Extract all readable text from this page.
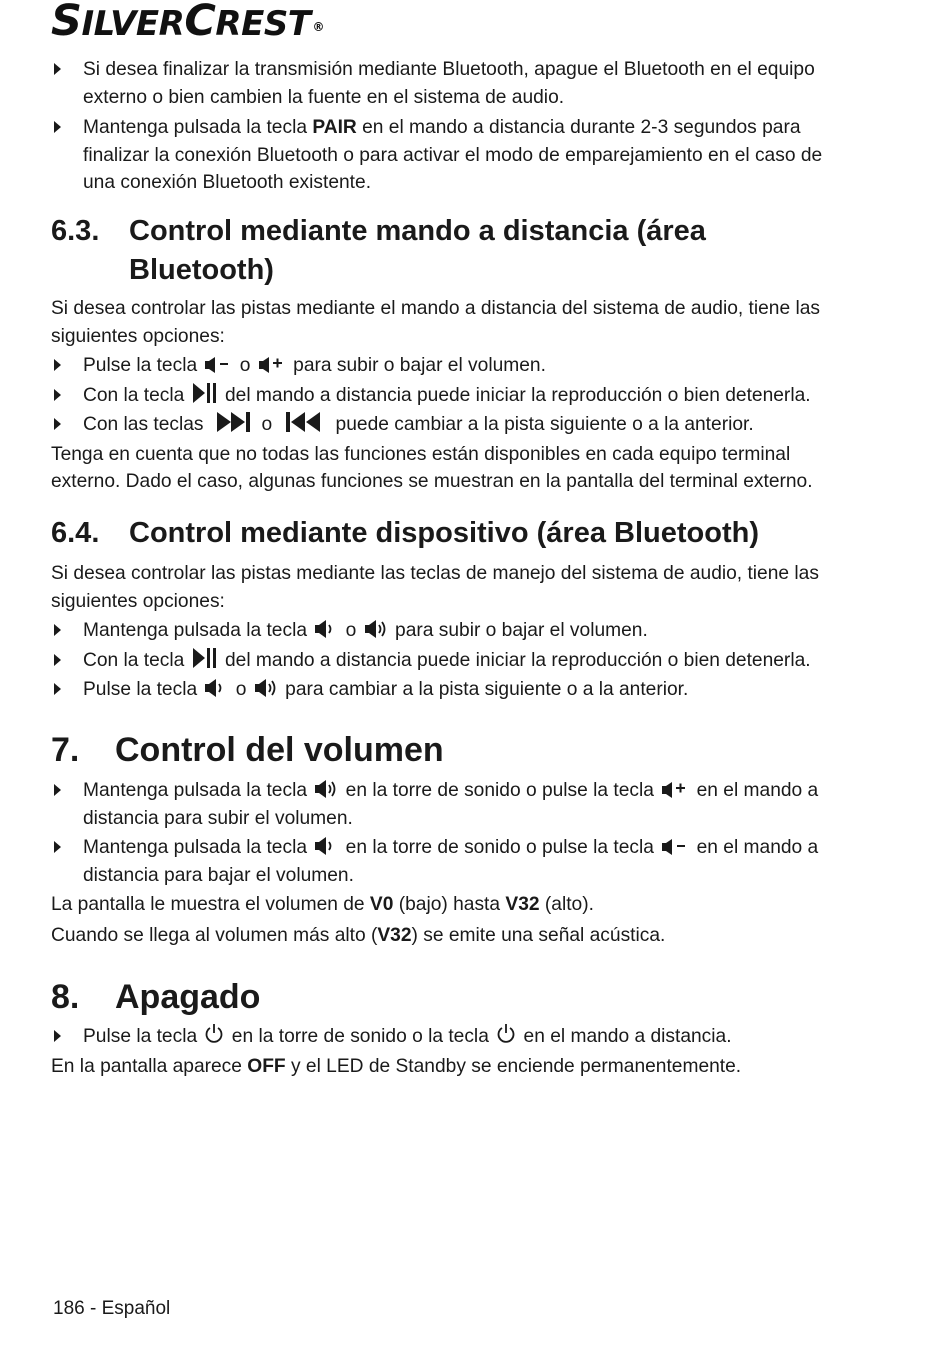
SILVERCREST ®
Si desea finalizar la transmisión mediante Bluetooth, apague el Bluetooth en el equipo externo o bien cambien la fuente en el sistema de audio.
Mantenga pulsada la tecla PAIR en el mando a distancia durante 2-3 segundos para finalizar la conexión Bluetooth o para activar el modo de emparejamiento en el caso de una conexión Bluetooth existente.
6.3. Control mediante mando a distancia (área Bluetooth)

Si desea controlar las pistas mediante el mando a distancia del sistema de audio, tiene las siguientes opciones:

Pulse la tecla  o  para subir o bajar el volumen.
Con la tecla  del mando a distancia puede iniciar la reproducción o bien detenerla.
Con las teclas   o	puede cambiar a la pista siguiente o a la anterior.

Tenga en cuenta que no todas las funciones están disponibles en cada equipo terminal externo. Dado el caso, algunas funciones se muestran en la pantalla del terminal externo.

6.4. Control mediante dispositivo (área Bluetooth)

Si desea controlar las pistas mediante las teclas de manejo del sistema de audio, tiene las siguientes opciones:

Mantenga pulsada la tecla  o  para subir o bajar el volumen.
Con la tecla  del mando a distancia puede iniciar la reproducción o bien detenerla.
Pulse la tecla  o  para cambiar a la pista siguiente o a la anterior.
7. Control del volumen
Mantenga pulsada la tecla  en la torre de sonido o pulse la tecla  en el mando a distancia para subir el volumen.
Mantenga pulsada la tecla  en la torre de sonido o pulse la tecla  en el mando a distancia para bajar el volumen.

La pantalla le muestra el volumen de V0 (bajo) hasta V32 (alto).

Cuando se llega al volumen más alto (V32) se emite una señal acústica.

8. Apagado
Pulse la tecla  en la torre de sonido o la tecla  en el mando a distancia.

En la pantalla aparece OFF y el LED de Standby se enciende permanentemente.

186 - Español
